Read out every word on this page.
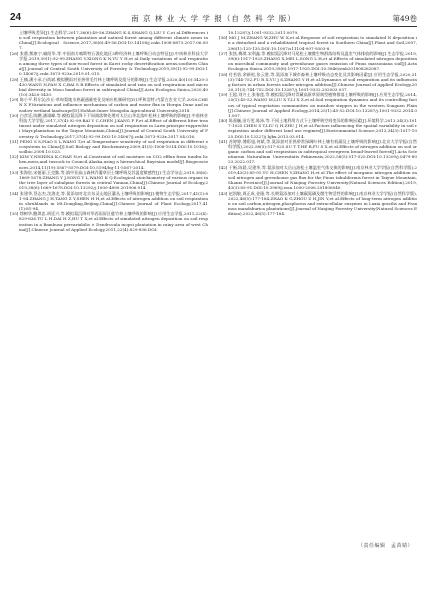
24	南 京 林 业 大 学 学 报（自 然 科 学 版）	第49卷

土壤呼吸差异[J].生态科学,2017,36(6):49-56.ZHANG K S,SHANG Q,LIU Y C,et al.Differences in soil respiration between plantation and natural forest among different climate zones in China[J].Ecological Science,2017,36(6):49-56.DOI:10.14108/j.cnki.1008-8873.2017.06.007.

[26] 张鼎,熊康宁,喻阳华,等.中国南方喀斯特石漠化地区3种经济林土壤呼吸日动态特征[J].中南林业科技大学学报,2019,39(1):92-99.ZHANG Y,XIONG K N,YU Y H,et al.Daily variations of soil respiration among three types of non-wood forest in Karst rocky desertification areas,southern China[J].Journal of Central South University of Forestry & Technology,2019,39(1):92-99.DOI:10.14067/j.cnki.1673-923x.2019.01.015.

[28] 王楠,潘小承,白尚斌.模拟酸雨对亚热带毛竹林土壤呼吸及组分的影响[J].生态学报,2020,40(10):3420-3430.WANG N,PAN X C,BAI S B.Effects of simulated acid rain on soil respiration and microbial diversity in Moso bamboo forest in subtropical China[J].Acta Ecologica Sinica,2020,40(10):3420-3430.

[29] 陈小平.科尔沁沙丘-草甸梨地水热碳通量变化及响应机制研究[D].呼和浩特:内蒙古农业大学,2018.CHEN X P.Variations and influence mechanism of carbon and water flux in Horqin Dune and meadow wetland landscape[D].Hohhot:Inner Mongolia Agricultural University,2018.

[30] 白彦廷,陈鹏,潘翊峰,等.模拟氮沉降下不同凋落物处理对太岳山华北落叶松林土壤呼吸的影响[J].中南林业科技大学学报,2017,37(4):92-99.BAI Y C,CHEN J,KANG F F,et al.Effect of different litter treatment under simulated nitrogen deposition on soil respiration in Larix principis-rupprechtii Mayr.plantation in the Taiyue Mountain,China[J].Journal of Central South University of Forestry & Technology,2017,37(4):92-99.DOI:10.14067/j.cnki.1673-923x.2017.04.016.

[31] PENG S S,PIAO S L,WANG T,et al.Temperature sensitivity of soil respiration in different ecosystems in China[J].Soil Biology and Biochemistry,2009,41(5):1008-1014.DOI:10.1016/j.soilbio.2008.10.023.

[32] KIM Y,NISHINA K,CHAE N,et al.Constraint of soil moisture on CO2 efflux from tundra lichen,moss,and tussock in Council,Alaska,using a hierarchical Bayesian model[J].Biogeosciences,2014,11(19):5567-5579.DOI:10.5194/bg-11-5567-2014.

[33] 张海宸,宋娅丽,王克勤,等.滇中亚高山森林乔灌草层土壤呼吸及其温度敏感性[J].生态学杂志,2019,38(6):1669-1678.ZHANG Y J,SONG Y L,WANG K Q.Ecological stoichiometry of various organs in the tree layer of subalpine forests in central Yunnan,China[J].Chinese Journal of Ecology,2019,38(6):1669-1678.DOI:10.13292/j.1000-4890.201906.014.

[34] 张建华,蔡志杰,沈海龙,等.氮添加对北京东灵山地区灌丛土壤呼吸的影响[J].植物生态学报,2017,41(1):81-94.ZHANG J H,TANG Z Y,SHEN H H,et al.Effects of nitrogen addition on soil respiration in shrublands in Mt.Dongling,Beijing,China[J].Chinese Journal of Plant Ecology,2017,41(1):81-94.

[35] 徐树华,鲍琪忠,胡廷兴,等.模拟氮沉降对华西雨屏区慈竹林土壤呼吸的影响[J].应用生态学报,2011,22(4):829-836.TU L H,DAI H Z,HU T X,et al.Effects of simulated nitrogen deposition on soil respiration in a Bambusa pervariabilis × Dendrocala mopsi plantation in rainy area of west China[J].Chinese Journal of Applied Ecology,2011,22(4):829-836.DOI:

10.13287/j.1001-9332.2011.0079.

[36] MO J M,ZHANG W,ZHU W X,et al.Response of soil respiration to simulated N deposition in a disturbed and a rehabilitated tropical forest in Southern China[J].Plant and Soil,2007,296(1):125-135.DOI:10.1007/s11104-007-9303-8.

[37] 张凯,梅琪,宋利鑫,等.模拟氮沉降对马尾松土壤微生物群落结构及温室气体排放的影响[J].生态学报,2019,39(6):1917-1925.ZHANG X,MEI L,SONG L H,et al.Effects of simulated nitrogen deposition on microbial community and greenhouse gases emission of Pinus massoniana soil[J].Acta Ecologica Sinica,2019,39(6):1917-1925.DOI:10.5846/stxb201808262087.

[38] 付若怡,余新松,张云胜,等.氮添加下城市森林土壤呼吸动态变化及其影响因素[J].应用生态学报,2020,31(3):744-752.FU R X,YU J S,ZHANG Y H,et al.Dynamics of soil respiration and its influencing factors in urban forests under nitrogen addition[J].Chinese Journal of Applied Ecology,2020,31(3):744-752.DOI:10.13287/j.1001-9332.202003.037.

[39] 王超,刘兴土,张春莲,等.模拟氮沉降对青藏高原草原典型植物群落土壤呼吸的影响[J].应用生态学报,2014,25(1):45-52.WANG M,LIU X T,LI X Z,et al.Soil respiration dynamics and its controlling factors of typical vegetation communities on meadow steppes in the western Songnen Plain[J].Chinese Journal of Applied Ecology,2014,25(1):45-52.DOI:10.13287/j.1001-9332.2014.01.007.

[40] 陈嘉巍,田巧雯,陈沛,等.不同土地利用方式下土壤呼吸空间变异的影响因素[J].环境科学,2013,34(3):1017-1025.CHEN S T,LIU Q H,ZHU J H,et al.Factors influencing the spatial variability in soil respiration under different land use regimes[J].Environmental Science,2013,34(3):1017-1025.DOI:10.13227/j.hjkx.2013.03.014.

[41] 苏婷婷,傅彩旭,何斌,等.氮添加对亚热带常绿阔叶林土壤有机碳及土壤呼吸的影响[J].北京大学学报(自然科学版),2022,58(5):517-525.SU T T,HE B,FU S X,et al.Effects of nitrogen addition on soil organic carbon and soil respiration in subtropical evergreen broad-leaved forest[J].Acta Scientiarum Naturalium Universitatis Pekinensis,2022,58(5):517-525.DOI:10.13209/j.0479-8023.2022.017.

[42] 于断,陈晨,吴建华,等.氮添加对太岳山油松土壤温室气体交换的影响[J].南京林业大学学报(自然科学版),2019,43(3):85-91.YU H,CHEN Y,ZHANG H,et al.The effect of inorganic nitrogen addition on soil nitrogen and greenhouse gas flux for the Pinus tabuliformis forest in Taiyue Mountain,Shanxi Province[J].Journal of Nanjing Forestry University(Natural Sciences Edition),2019,43(3):85-91.DOI:10.3969/j.issn.1000-2006.201806040.

[43] 赵凯敏,周正成,金隆,等.长期氮添加对土壤碳氮磷及微生物活性的影响[J].南京林业大学学报(自然科学版),2022,46(5):177-184.ZHAO K G,ZHOU Z H,JIN Y,et al.Effects of long-term nitrogen addition on soil carbon,nitrogen,phosphorus and extracellular enzymes in Laxia gracilis and Fraxinus mandshurica plantations[J].Journal of Nanjing Forestry University(Natural Sciences Edition),2022,46(5):177-184.

（责任编辑　孟苗婧）
